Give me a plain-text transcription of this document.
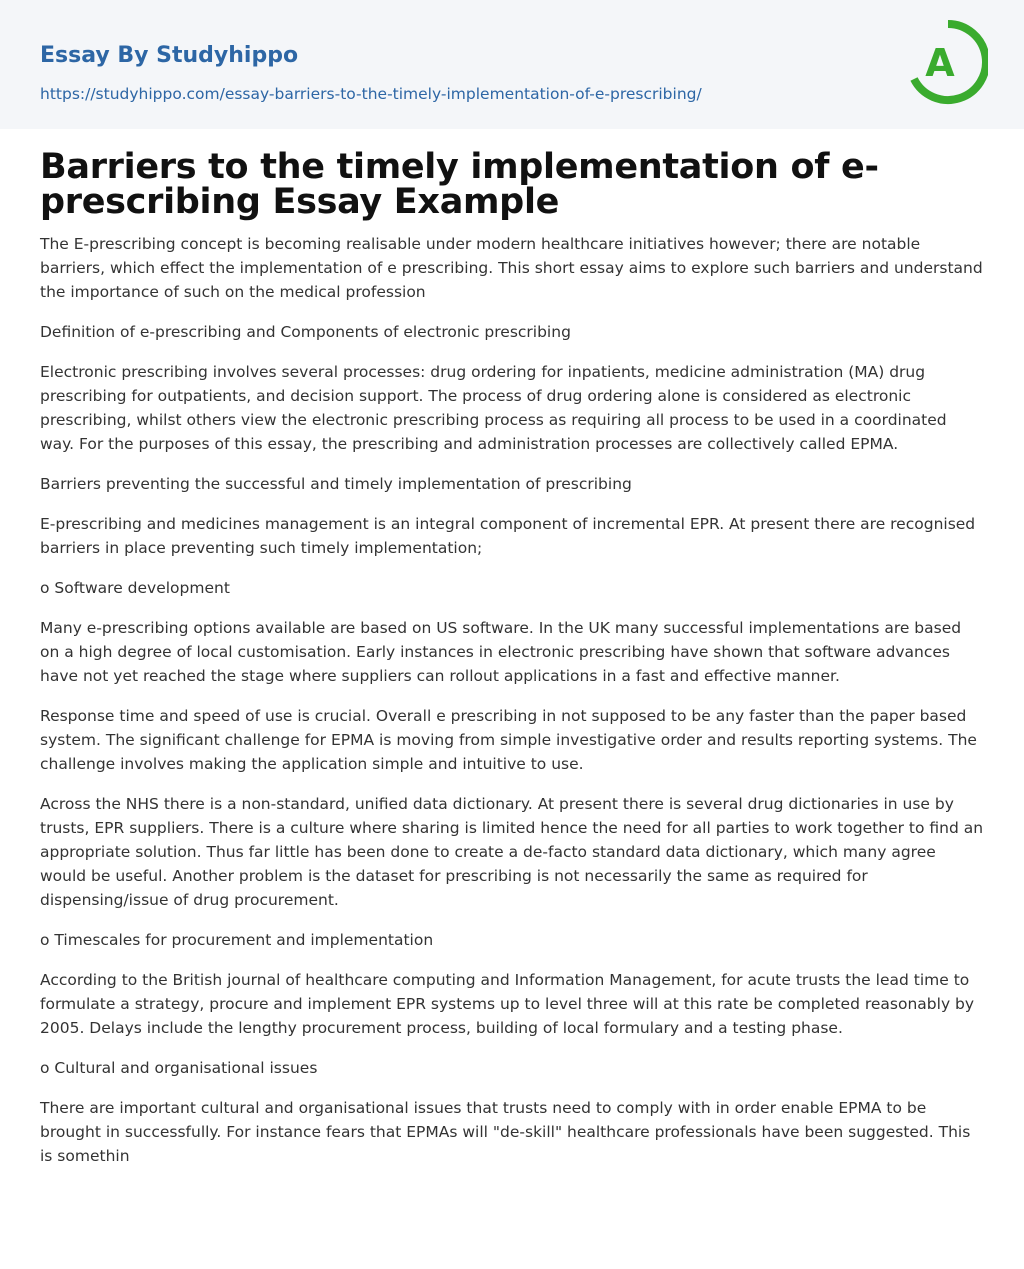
Essay By Studyhippo
https://studyhippo.com/essay-barriers-to-the-timely-implementation-of-e-prescribing/
A
Barriers to the timely implementation of e-prescribing Essay Example

The E-prescribing concept is becoming realisable under modern healthcare initiatives however; there are notable barriers, which effect the implementation of e prescribing. This short essay aims to explore such barriers and understand the importance of such on the medical profession

Definition of e-prescribing and Components of electronic prescribing

Electronic prescribing involves several processes: drug ordering for inpatients, medicine administration (MA) drug prescribing for outpatients, and decision support. The process of drug ordering alone is considered as electronic prescribing, whilst others view the electronic prescribing process as requiring all process to be used in a coordinated way. For the purposes of this essay, the prescribing and administration processes are collectively called EPMA.

Barriers preventing the successful and timely implementation of prescribing

E-prescribing and medicines management is an integral component of incremental EPR. At present there are recognised barriers in place preventing such timely implementation;

o Software development

Many e-prescribing options available are based on US software. In the UK many successful implementations are based on a high degree of local customisation. Early instances in electronic prescribing have shown that software advances have not yet reached the stage where suppliers can rollout applications in a fast and effective manner.

Response time and speed of use is crucial. Overall e prescribing in not supposed to be any faster than the paper based system. The significant challenge for EPMA is moving from simple investigative order and results reporting systems. The challenge involves making the application simple and intuitive to use.

Across the NHS there is a non-standard, unified data dictionary. At present there is several drug dictionaries in use by trusts, EPR suppliers. There is a culture where sharing is limited hence the need for all parties to work together to find an appropriate solution. Thus far little has been done to create a de-facto standard data dictionary, which many agree would be useful. Another problem is the dataset for prescribing is not necessarily the same as required for dispensing/issue of drug procurement.

o Timescales for procurement and implementation

According to the British journal of healthcare computing and Information Management, for acute trusts the lead time to formulate a strategy, procure and implement EPR systems up to level three will at this rate be completed reasonably by 2005. Delays include the lengthy procurement process, building of local formulary and a testing phase.

o Cultural and organisational issues

There are important cultural and organisational issues that trusts need to comply with in order enable EPMA to be brought in successfully. For instance fears that EPMAs will "de-skill" healthcare professionals have been suggested. This is somethin
